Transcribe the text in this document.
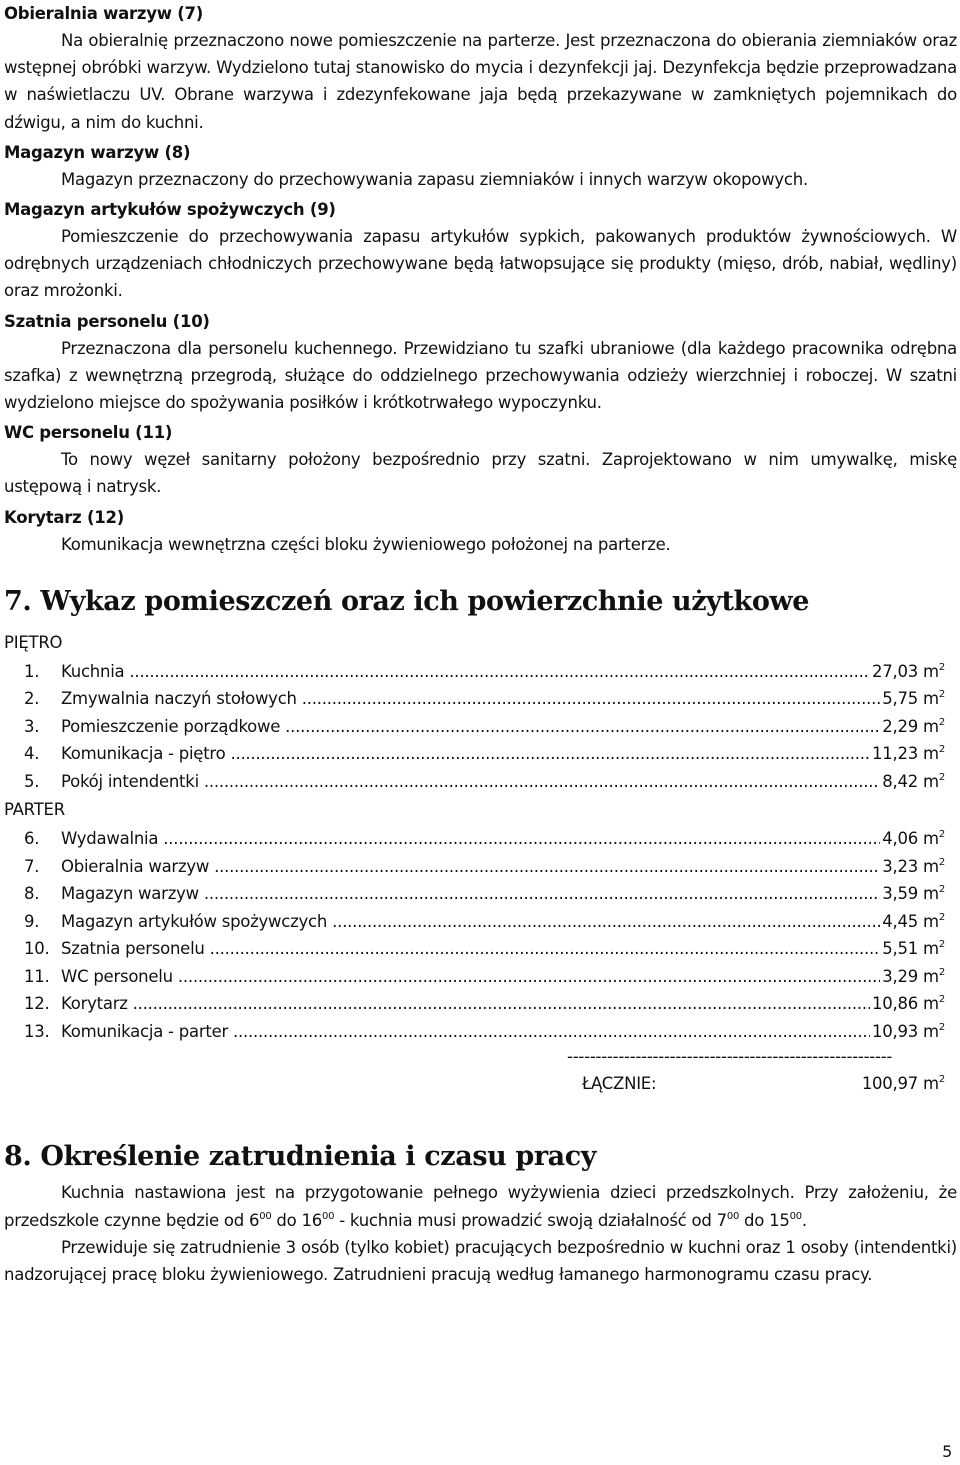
Obieralnia warzyw (7)

Na obieralnię przeznaczono nowe pomieszczenie na parterze. Jest przeznaczona do obierania ziemniaków oraz wstępnej obróbki warzyw. Wydzielono tutaj stanowisko do mycia i dezynfekcji jaj. Dezynfekcja będzie przeprowadzana w naświetlaczu UV. Obrane warzywa i zdezynfekowane jaja będą przekazywane w zamkniętych pojemnikach do dźwigu, a nim do kuchni.

Magazyn warzyw (8)

Magazyn przeznaczony do przechowywania zapasu ziemniaków i innych warzyw okopowych.

Magazyn artykułów spożywczych (9)

Pomieszczenie do przechowywania zapasu artykułów sypkich, pakowanych produktów żywnościowych. W odrębnych urządzeniach chłodniczych przechowywane będą łatwopsujące się produkty (mięso, drób, nabiał, wędliny) oraz mrożonki.

Szatnia personelu (10)

Przeznaczona dla personelu kuchennego. Przewidziano tu szafki ubraniowe (dla każdego pracownika odrębna szafka) z wewnętrzną przegrodą, służące do oddzielnego przechowywania odzieży wierzchniej i roboczej. W szatni wydzielono miejsce do spożywania posiłków i krótkotrwałego wypoczynku.

WC personelu (11)

To nowy węzeł sanitarny położony bezpośrednio przy szatni. Zaprojektowano w nim umywalkę, miskę ustępową i natrysk.

Korytarz (12)

Komunikacja wewnętrzna części bloku żywieniowego położonej na parterze.

7. Wykaz pomieszczeń oraz ich powierzchnie użytkowe
PIĘTRO
1.	Kuchnia .....	27,03 $m^2$
2.	Zmywalnia naczyń stołowych .....	5,75 $m^2$
3.	Pomieszczenie porządkowe .....	2,29 $m^2$
4.	Komunikacja - piętro .....	11,23 $m^2$
5.	Pokój intendentki .....	8,42 $m^2$
PARTER
6.	Wydawalnia .....	4,06 $m^2$
7.	Obieralnia warzyw .....	3,23 $m^2$
8.	Magazyn warzyw .....	3,59 $m^2$
9.	Magazyn artykułów spożywczych .....	4,45 $m^2$
10. Szatnia personelu .....	5,51 $m^2$
11. WC personelu .....	3,29 $m^2$
12. Korytarz .....	10,86 $m^2$
13. Komunikacja - parter .....	10,93 $m^2$
---------------------------------------------------------
ŁĄCZNIE:	100,97 $m^2$
8. Określenie zatrudnienia i czasu pracy

Kuchnia nastawiona jest na przygotowanie pełnego wyżywienia dzieci przedszkolnych. Przy założeniu, że przedszkole czynne będzie od $6^{00}$ do $16^{00}$ - kuchnia musi prowadzić swoją działalność od $7^{00}$ do $15^{00}$.

Przewiduje się zatrudnienie 3 osób (tylko kobiet) pracujących bezpośrednio w kuchni oraz 1 osoby (intendentki) nadzorującej pracę bloku żywieniowego. Zatrudnieni pracują według łamanego harmonogramu czasu pracy.

5
